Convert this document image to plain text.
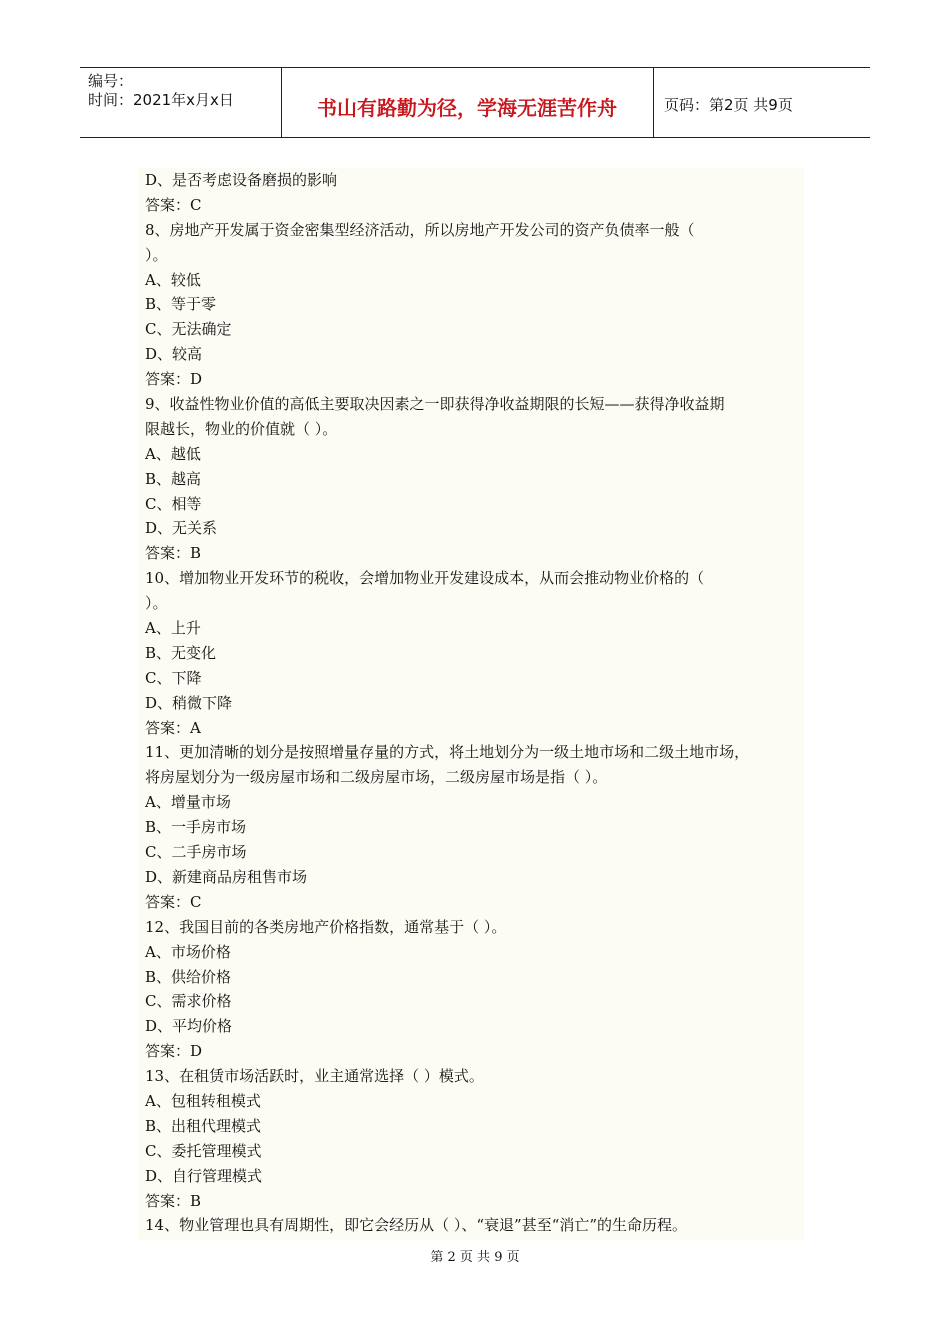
编号：
时间：2021年x月x日	书山有路勤为径，学海无涯苦作舟	页码：第2页 共9页
D、是否考虑设备磨损的影响
答案：C
8、房地产开发属于资金密集型经济活动，所以房地产开发公司的资产负债率一般（
）。
A、较低
B、等于零
C、无法确定
D、较高
答案：D
9、收益性物业价值的高低主要取决因素之一即获得净收益期限的长短——获得净收益期
限越长，物业的价值就（ ）。
A、越低
B、越高
C、相等
D、无关系
答案：B
10、增加物业开发环节的税收，会增加物业开发建设成本，从而会推动物业价格的（
）。
A、上升
B、无变化
C、下降
D、稍微下降
答案：A
11、更加清晰的划分是按照增量存量的方式，将土地划分为一级土地市场和二级土地市场，
将房屋划分为一级房屋市场和二级房屋市场，二级房屋市场是指（ ）。
A、增量市场
B、一手房市场
C、二手房市场
D、新建商品房租售市场
答案：C
12、我国目前的各类房地产价格指数，通常基于（ ）。
A、市场价格
B、供给价格
C、需求价格
D、平均价格
答案：D
13、在租赁市场活跃时，业主通常选择（ ）模式。
A、包租转租模式
B、出租代理模式
C、委托管理模式
D、自行管理模式
答案：B
14、物业管理也具有周期性，即它会经历从（ ）、“衰退”甚至“消亡”的生命历程。
第 2 页 共 9 页
